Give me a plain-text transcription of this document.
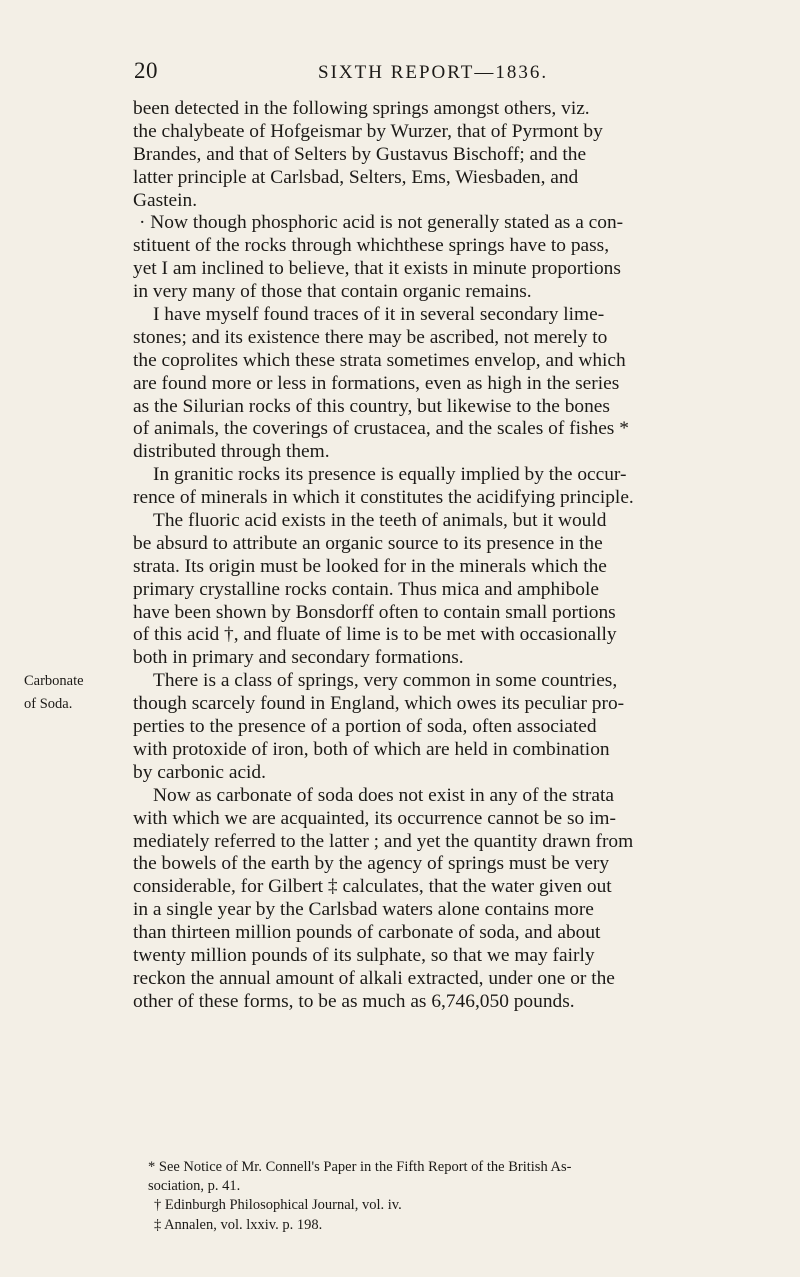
20	SIXTH REPORT—1836.
been detected in the following springs amongst others, viz.
the chalybeate of Hofgeismar by Wurzer, that of Pyrmont by
Brandes, and that of Selters by Gustavus Bischoff; and the
latter principle at Carlsbad, Selters, Ems, Wiesbaden, and
Gastein.
· Now though phosphoric acid is not generally stated as a con-
stituent of the rocks through whichthese springs have to pass,
yet I am inclined to believe, that it exists in minute proportions
in very many of those that contain organic remains.
I have myself found traces of it in several secondary lime-
stones; and its existence there may be ascribed, not merely to
the coprolites which these strata sometimes envelop, and which
are found more or less in formations, even as high in the series
as the Silurian rocks of this country, but likewise to the bones
of animals, the coverings of crustacea, and the scales of fishes *
distributed through them.
In granitic rocks its presence is equally implied by the occur-
rence of minerals in which it constitutes the acidifying principle.
The fluoric acid exists in the teeth of animals, but it would
be absurd to attribute an organic source to its presence in the
strata. Its origin must be looked for in the minerals which the
primary crystalline rocks contain. Thus mica and amphibole
have been shown by Bonsdorff often to contain small portions
of this acid †, and fluate of lime is to be met with occasionally
both in primary and secondary formations.
There is a class of springs, very common in some countries,
though scarcely found in England, which owes its peculiar pro-
perties to the presence of a portion of soda, often associated
with protoxide of iron, both of which are held in combination
by carbonic acid.
Now as carbonate of soda does not exist in any of the strata
with which we are acquainted, its occurrence cannot be so im-
mediately referred to the latter ; and yet the quantity drawn from
the bowels of the earth by the agency of springs must be very
considerable, for Gilbert ‡ calculates, that the water given out
in a single year by the Carlsbad waters alone contains more
than thirteen million pounds of carbonate of soda, and about
twenty million pounds of its sulphate, so that we may fairly
reckon the annual amount of alkali extracted, under one or the
other of these forms, to be as much as 6,746,050 pounds.
Carbonate
of Soda.
* See Notice of Mr. Connell's Paper in the Fifth Report of the British As-
sociation, p. 41.
† Edinburgh Philosophical Journal, vol. iv.
‡ Annalen, vol. lxxiv. p. 198.
